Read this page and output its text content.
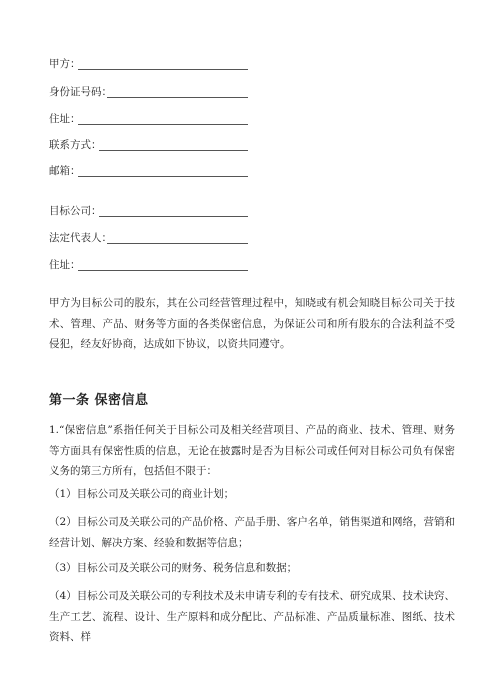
甲方：
身份证号码：
住址：
联系方式：
邮箱：
目标公司：
法定代表人：
住址：
甲方为目标公司的股东，其在公司经营管理过程中，知晓或有机会知晓目标公司关于技术、管理、产品、财务等方面的各类保密信息，为保证公司和所有股东的合法利益不受侵犯，经友好协商，达成如下协议，以资共同遵守。
第一条 保密信息
1.“保密信息”系指任何关于目标公司及相关经营项目、产品的商业、技术、管理、财务等方面具有保密性质的信息，无论在披露时是否为目标公司或任何对目标公司负有保密义务的第三方所有，包括但不限于：
（1）目标公司及关联公司的商业计划；
（2）目标公司及关联公司的产品价格、产品手册、客户名单，销售渠道和网络，营销和经营计划、解决方案、经验和数据等信息；
（3）目标公司及关联公司的财务、税务信息和数据；
（4）目标公司及关联公司的专利技术及未申请专利的专有技术、研究成果、技术诀窍、生产工艺、流程、设计、生产原料和成分配比、产品标准、产品质量标准、图纸、技术资料、样
